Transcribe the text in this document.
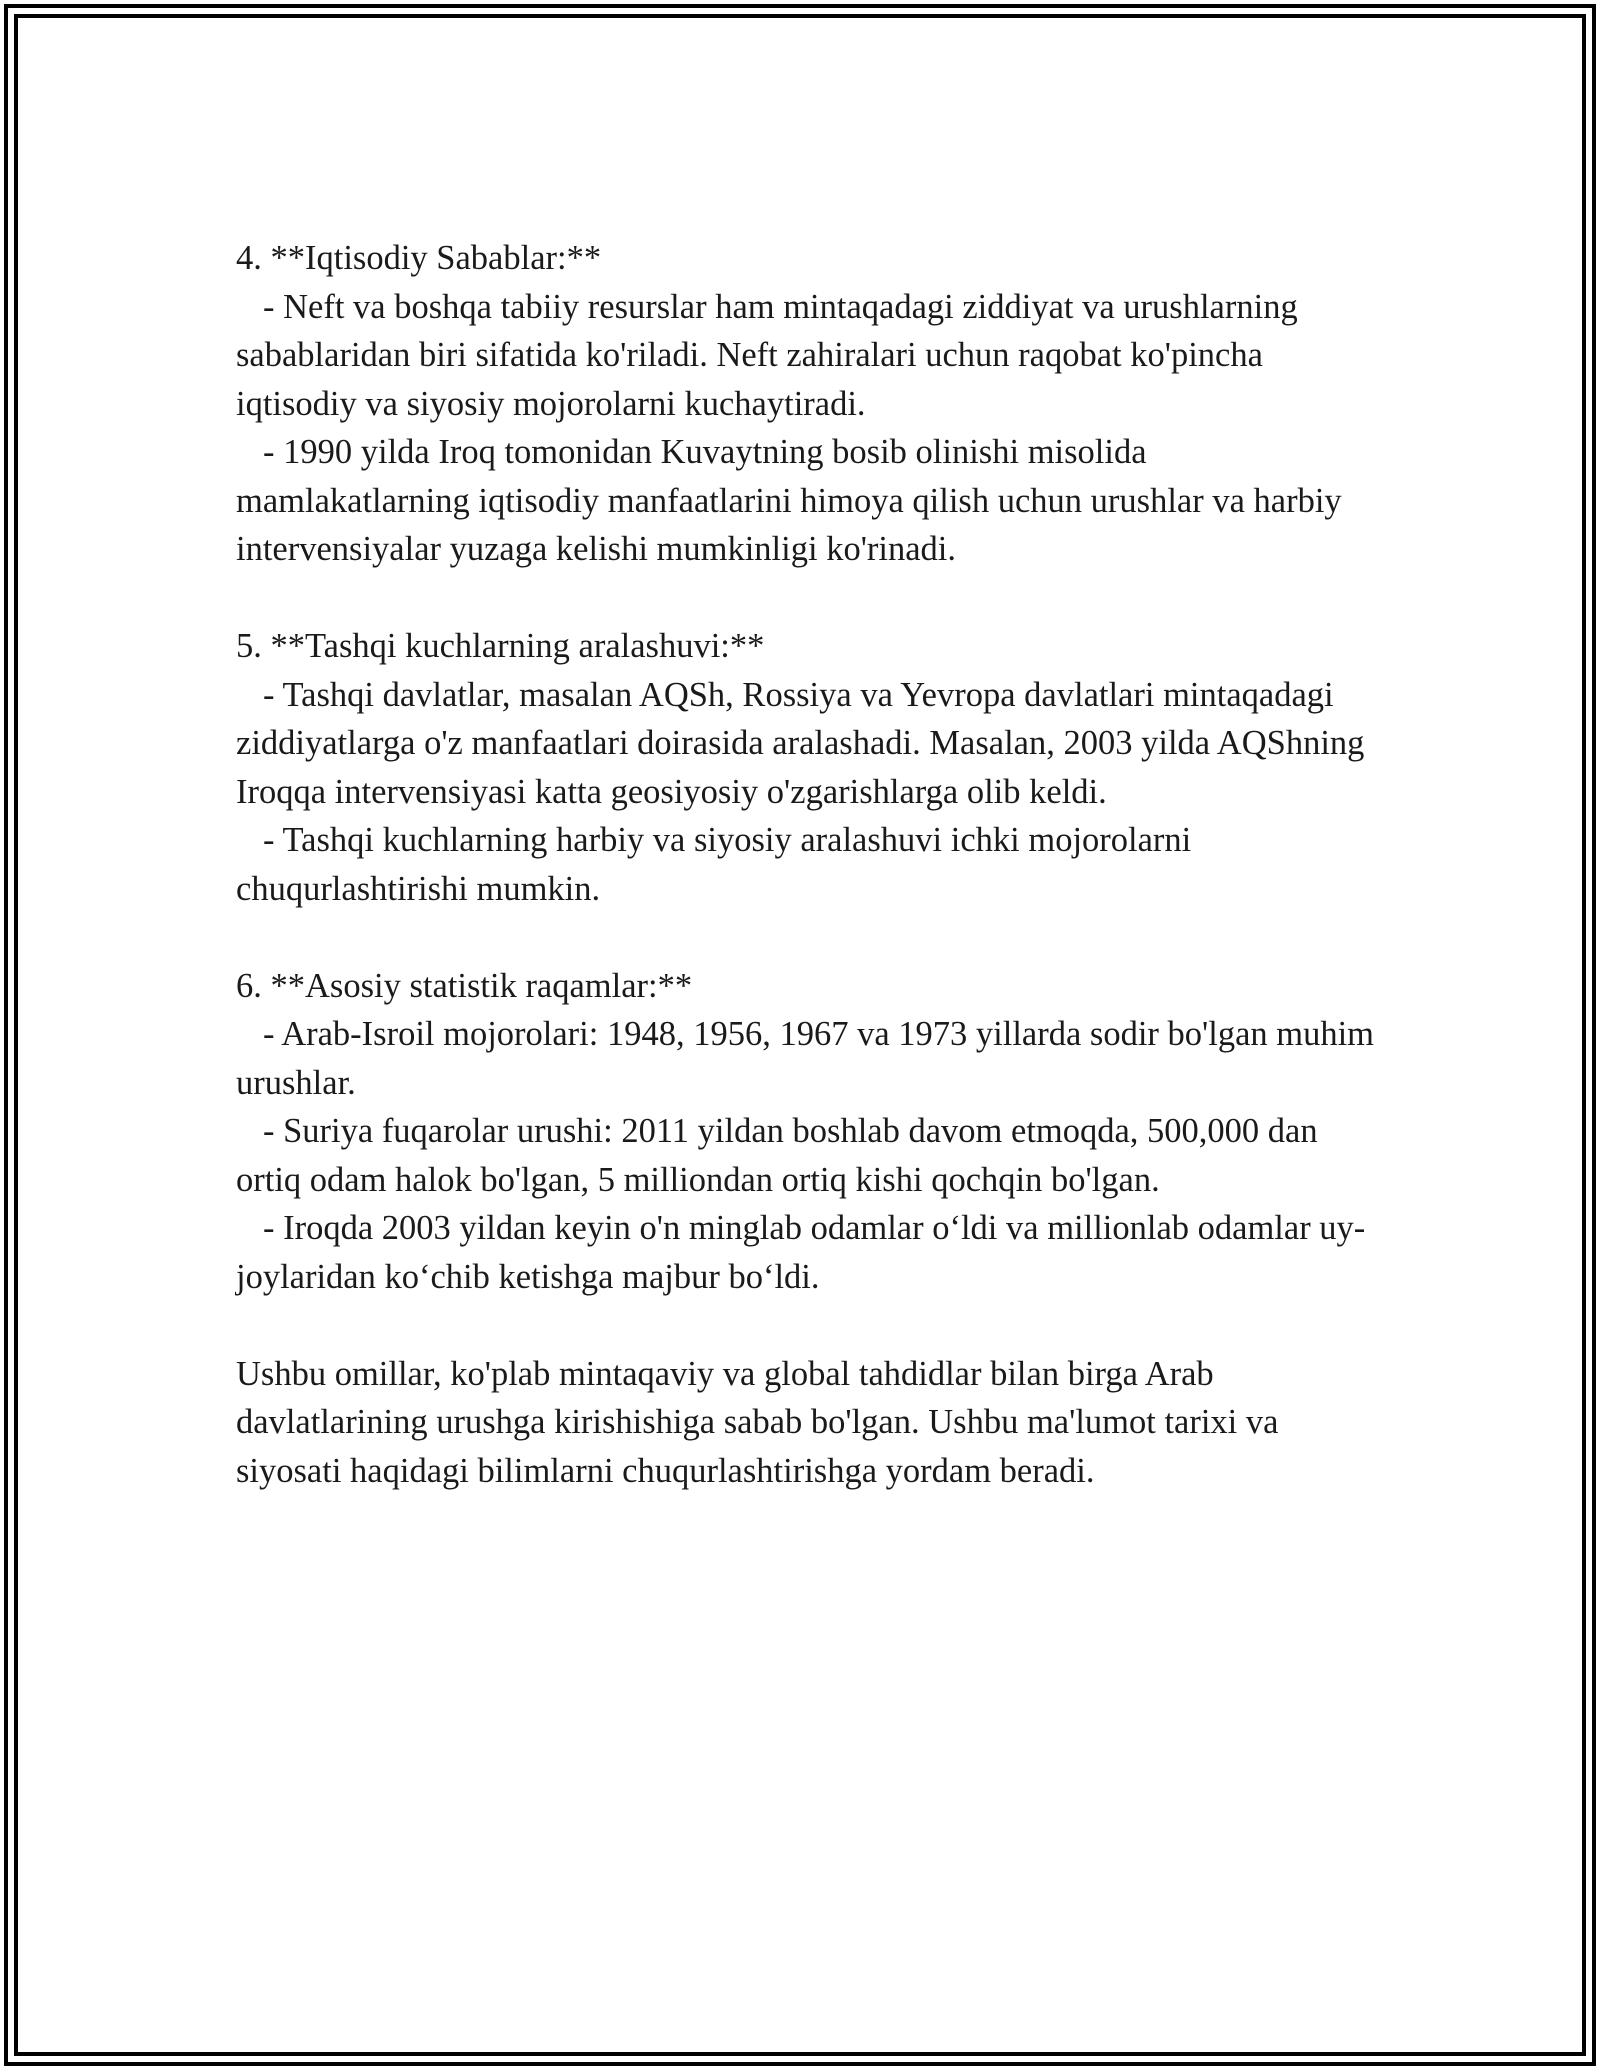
4. **Iqtisodiy Sabablar:**

- Neft va boshqa tabiiy resurslar ham mintaqadagi ziddiyat va urushlarning sabablaridan biri sifatida ko'riladi. Neft zahiralari uchun raqobat ko'pincha iqtisodiy va siyosiy mojorolarni kuchaytiradi.

- 1990 yilda Iroq tomonidan Kuvaytning bosib olinishi misolida mamlakatlarning iqtisodiy manfaatlarini himoya qilish uchun urushlar va harbiy intervensiyalar yuzaga kelishi mumkinligi ko'rinadi.

5. **Tashqi kuchlarning aralashuvi:**

- Tashqi davlatlar, masalan AQSh, Rossiya va Yevropa davlatlari mintaqadagi ziddiyatlarga o'z manfaatlari doirasida aralashadi. Masalan, 2003 yilda AQShning Iroqqa intervensiyasi katta geosiyosiy o'zgarishlarga olib keldi.

- Tashqi kuchlarning harbiy va siyosiy aralashuvi ichki mojorolarni chuqurlashtirishi mumkin.

6. **Asosiy statistik raqamlar:**

- Arab-Isroil mojorolari: 1948, 1956, 1967 va 1973 yillarda sodir bo'lgan muhim urushlar.

- Suriya fuqarolar urushi: 2011 yildan boshlab davom etmoqda, 500,000 dan ortiq odam halok bo'lgan, 5 milliondan ortiq kishi qochqin bo'lgan.

- Iroqda 2003 yildan keyin o'n minglab odamlar o‘ldi va millionlab odamlar uy-joylaridan ko‘chib ketishga majbur bo‘ldi.

Ushbu omillar, ko'plab mintaqaviy va global tahdidlar bilan birga Arab davlatlarining urushga kirishishiga sabab bo'lgan. Ushbu ma'lumot tarixi va siyosati haqidagi bilimlarni chuqurlashtirishga yordam beradi.
